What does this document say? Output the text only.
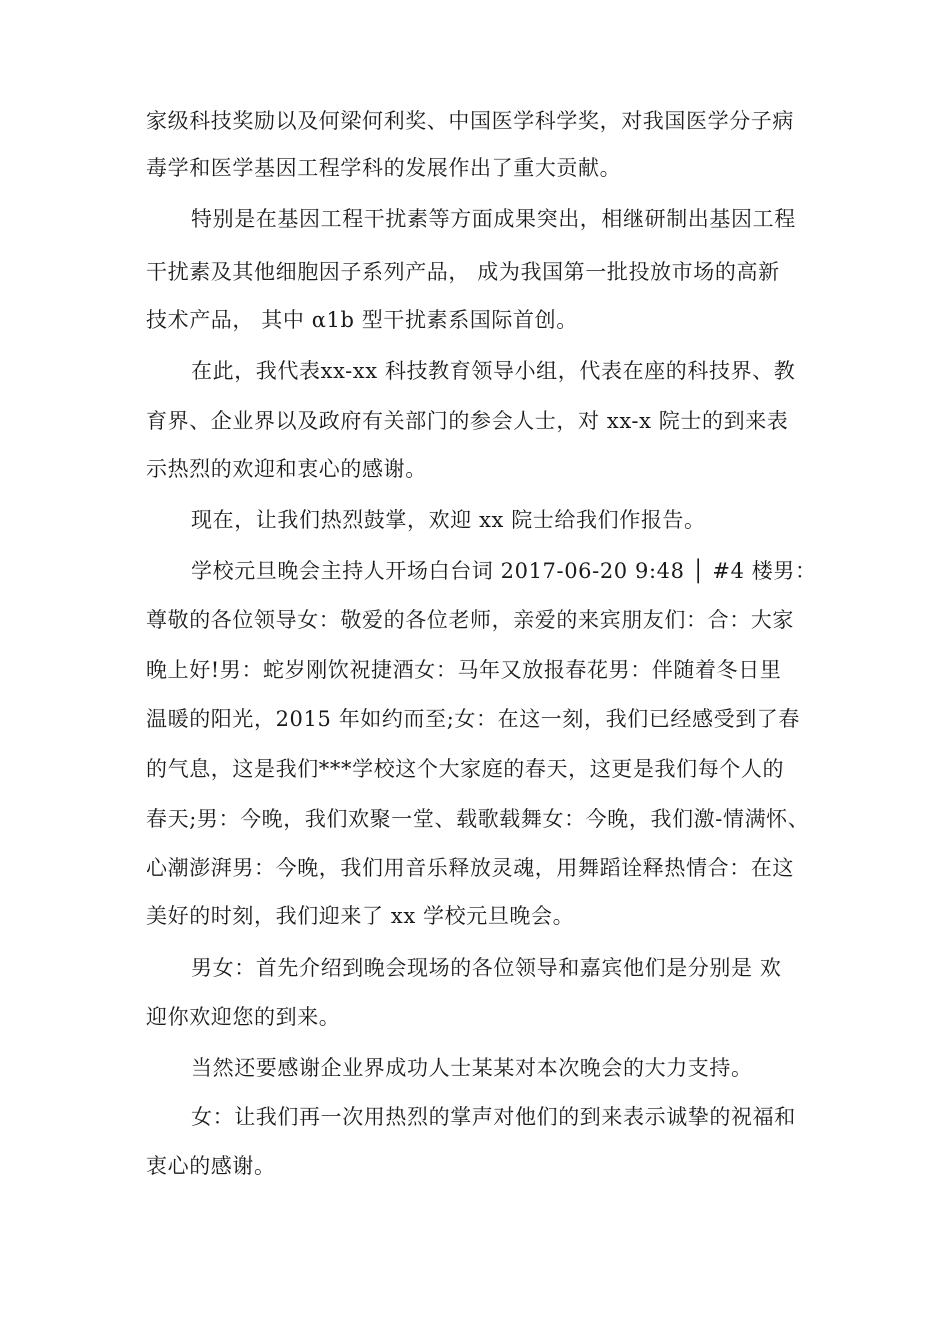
家级科技奖励以及何梁何利奖、中国医学科学奖，对我国医学分子病
毒学和医学基因工程学科的发展作出了重大贡献。
特别是在基因工程干扰素等方面成果突出，相继研制出基因工程
干扰素及其他细胞因子系列产品， 成为我国第一批投放市场的高新
技术产品， 其中 α1b 型干扰素系国际首创。
在此，我代表xx-xx 科技教育领导小组，代表在座的科技界、教
育界、企业界以及政府有关部门的参会人士，对 xx-x 院士的到来表
示热烈的欢迎和衷心的感谢。
现在，让我们热烈鼓掌，欢迎 xx 院士给我们作报告。
学校元旦晚会主持人开场白台词 2017-06-20 9:48 │ #4 楼男：
尊敬的各位领导女：敬爱的各位老师，亲爱的来宾朋友们：合：大家
晚上好!男：蛇岁刚饮祝捷酒女：马年又放报春花男：伴随着冬日里
温暖的阳光，2015 年如约而至;女：在这一刻，我们已经感受到了春
的气息，这是我们***学校这个大家庭的春天，这更是我们每个人的
春天;男：今晚，我们欢聚一堂、载歌载舞女：今晚，我们激-情满怀、
心潮澎湃男：今晚，我们用音乐释放灵魂，用舞蹈诠释热情合：在这
美好的时刻，我们迎来了 xx 学校元旦晚会。
男女：首先介绍到晚会现场的各位领导和嘉宾他们是分别是 欢
迎你欢迎您的到来。
当然还要感谢企业界成功人士某某对本次晚会的大力支持。
女：让我们再一次用热烈的掌声对他们的到来表示诚挚的祝福和
衷心的感谢。
